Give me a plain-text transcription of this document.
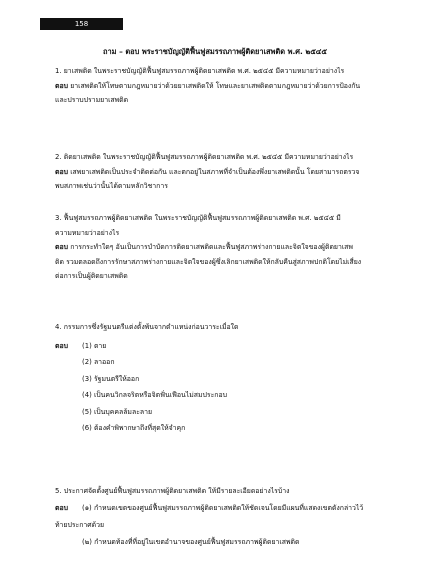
158
ถาม – ตอบ พระราชบัญญัติฟื้นฟูสมรรถภาพผู้ติดยาเสพติด พ.ศ. ๒๕๔๕
1. ยาเสพติด ในพระราชบัญญัติฟื้นฟูสมรรถภาพผู้ติดยาเสพติด พ.ศ. ๒๕๔๕ มีความหมายว่าอย่างไร
ตอบ ยาเสพติดให้โทษตามกฎหมายว่าด้วยยาเสพติดให้ โทษและยาเสพติดตามกฎหมายว่าด้วยการป้องกัน
และปราบปรามยาเสพติด
2. ติดยาเสพติด ในพระราชบัญญัติฟื้นฟูสมรรถภาพผู้ติดยาเสพติด พ.ศ. ๒๕๔๕ มีความหมายว่าอย่างไร
ตอบ เสพยาเสพติดเป็นประจำติดต่อกัน และตกอยู่ในสภาพที่จำเป็นต้องพึ่งยาเสพติดนั้น โดยสามารถตรวจ
พบสภาพเช่นว่านั้นได้ตามหลักวิชาการ
3. ฟื้นฟูสมรรถภาพผู้ติดยาเสพติด ในพระราชบัญญัติฟื้นฟูสมรรถภาพผู้ติดยาเสพติด พ.ศ. ๒๕๔๕ มี
ความหมายว่าอย่างไร
ตอบ การกระทำใดๆ อันเป็นการบำบัดการติดยาเสพติดและฟื้นฟูสภาพร่างกายและจิตใจของผู้ติดยาเสพ
ติด รวมตลอดถึงการรักษาสภาพร่างกายและจิตใจของผู้ซึ่งเลิกยาเสพติดให้กลับคืนสู่สภาพปกติโดยไม่เสี่ยง
ต่อการเป็นผู้ติดยาเสพติด
4. กรรมการซึ่งรัฐมนตรีแต่งตั้งพ้นจากตำแหน่งก่อนวาระเมื่อใด
ตอบ	(1) ตาย
(2) ลาออก
(3) รัฐมนตรีให้ออก
(4) เป็นคนวิกลจริตหรือจิตฟั่นเฟือนไม่สมประกอบ
(5) เป็นบุคคลล้มละลาย
(6) ต้องคำพิพากษาถึงที่สุดให้จำคุก
5. ประกาศจัดตั้งศูนย์ฟื้นฟูสมรรถภาพผู้ติดยาเสพติด ให้มีรายละเอียดอย่างไรบ้าง
ตอบ	(๑) กำหนดเขตของศูนย์ฟื้นฟูสมรรถภาพผู้ติดยาเสพติดให้ชัดเจนโดยมีแผนที่แสดงเขตดังกล่าวไว้
ท้ายประกาศด้วย
(๒) กำหนดท้องที่ที่อยู่ในเขตอำนาจของศูนย์ฟื้นฟูสมรรถภาพผู้ติดยาเสพติด
